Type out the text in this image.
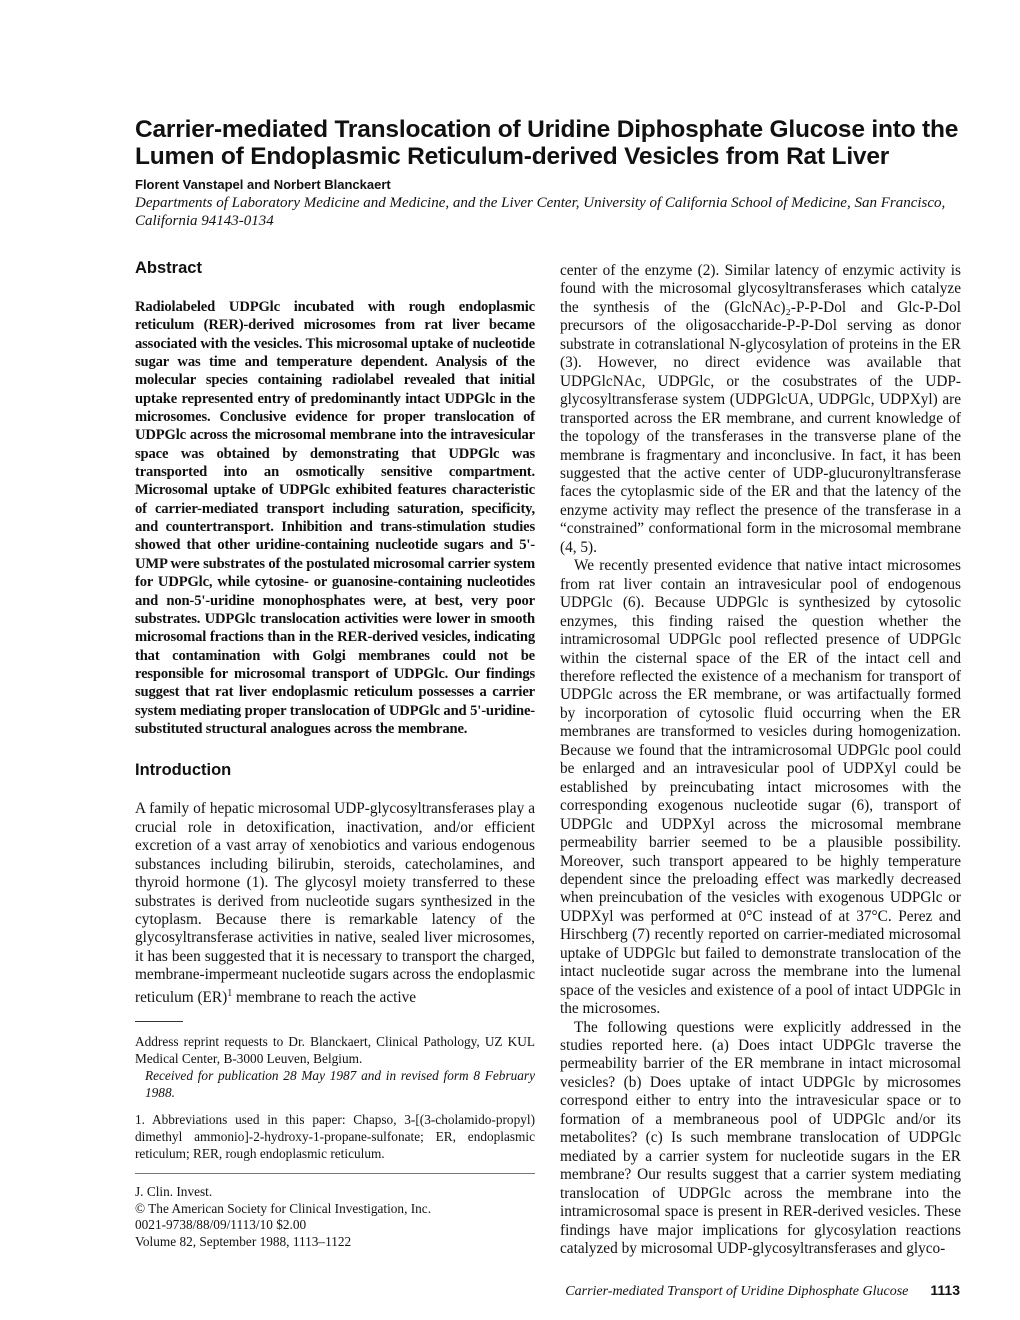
Carrier-mediated Translocation of Uridine Diphosphate Glucose into the Lumen of Endoplasmic Reticulum-derived Vesicles from Rat Liver
Florent Vanstapel and Norbert Blanckaert
Departments of Laboratory Medicine and Medicine, and the Liver Center, University of California School of Medicine, San Francisco, California 94143-0134
Abstract

Radiolabeled UDPGlc incubated with rough endoplasmic reticulum (RER)-derived microsomes from rat liver became associated with the vesicles. This microsomal uptake of nucleotide sugar was time and temperature dependent. Analysis of the molecular species containing radiolabel revealed that initial uptake represented entry of predominantly intact UDPGlc in the microsomes. Conclusive evidence for proper translocation of UDPGlc across the microsomal membrane into the intravesicular space was obtained by demonstrating that UDPGlc was transported into an osmotically sensitive compartment. Microsomal uptake of UDPGlc exhibited features characteristic of carrier-mediated transport including saturation, specificity, and countertransport. Inhibition and trans-stimulation studies showed that other uridine-containing nucleotide sugars and 5'-UMP were substrates of the postulated microsomal carrier system for UDPGlc, while cytosine- or guanosine-containing nucleotides and non-5'-uridine monophosphates were, at best, very poor substrates. UDPGlc translocation activities were lower in smooth microsomal fractions than in the RER-derived vesicles, indicating that contamination with Golgi membranes could not be responsible for microsomal transport of UDPGlc. Our findings suggest that rat liver endoplasmic reticulum possesses a carrier system mediating proper translocation of UDPGlc and 5'-uridine-substituted structural analogues across the membrane.

Introduction

A family of hepatic microsomal UDP-glycosyltransferases play a crucial role in detoxification, inactivation, and/or efficient excretion of a vast array of xenobiotics and various endogenous substances including bilirubin, steroids, catecholamines, and thyroid hormone (1). The glycosyl moiety transferred to these substrates is derived from nucleotide sugars synthesized in the cytoplasm. Because there is remarkable latency of the glycosyltransferase activities in native, sealed liver microsomes, it has been suggested that it is necessary to transport the charged, membrane-impermeant nucleotide sugars across the endoplasmic reticulum (ER)$^1$ membrane to reach the active

Address reprint requests to Dr. Blanckaert, Clinical Pathology, UZ KUL Medical Center, B-3000 Leuven, Belgium.

Received for publication 28 May 1987 and in revised form 8 February 1988.

1. Abbreviations used in this paper: Chapso, 3-[(3-cholamido-propyl) dimethyl ammonio]-2-hydroxy-1-propane-sulfonate; ER, endoplasmic reticulum; RER, rough endoplasmic reticulum.

J. Clin. Invest.

© The American Society for Clinical Investigation, Inc.

0021-9738/88/09/1113/10 $2.00

Volume 82, September 1988, 1113–1122

center of the enzyme (2). Similar latency of enzymic activity is found with the microsomal glycosyltransferases which catalyze the synthesis of the (GlcNAc)₂-P-P-Dol and Glc-P-Dol precursors of the oligosaccharide-P-P-Dol serving as donor substrate in cotranslational N-glycosylation of proteins in the ER (3). However, no direct evidence was available that UDPGlcNAc, UDPGlc, or the cosubstrates of the UDP-glycosyltransferase system (UDPGlcUA, UDPGlc, UDPXyl) are transported across the ER membrane, and current knowledge of the topology of the transferases in the transverse plane of the membrane is fragmentary and inconclusive. In fact, it has been suggested that the active center of UDP-glucuronyltransferase faces the cytoplasmic side of the ER and that the latency of the enzyme activity may reflect the presence of the transferase in a “constrained” conformational form in the microsomal membrane (4, 5).

We recently presented evidence that native intact microsomes from rat liver contain an intravesicular pool of endogenous UDPGlc (6). Because UDPGlc is synthesized by cytosolic enzymes, this finding raised the question whether the intramicrosomal UDPGlc pool reflected presence of UDPGlc within the cisternal space of the ER of the intact cell and therefore reflected the existence of a mechanism for transport of UDPGlc across the ER membrane, or was artifactually formed by incorporation of cytosolic fluid occurring when the ER membranes are transformed to vesicles during homogenization. Because we found that the intramicrosomal UDPGlc pool could be enlarged and an intravesicular pool of UDPXyl could be established by preincubating intact microsomes with the corresponding exogenous nucleotide sugar (6), transport of UDPGlc and UDPXyl across the microsomal membrane permeability barrier seemed to be a plausible possibility. Moreover, such transport appeared to be highly temperature dependent since the preloading effect was markedly decreased when preincubation of the vesicles with exogenous UDPGlc or UDPXyl was performed at 0°C instead of at 37°C. Perez and Hirschberg (7) recently reported on carrier-mediated microsomal uptake of UDPGlc but failed to demonstrate translocation of the intact nucleotide sugar across the membrane into the lumenal space of the vesicles and existence of a pool of intact UDPGlc in the microsomes.

The following questions were explicitly addressed in the studies reported here. (a) Does intact UDPGlc traverse the permeability barrier of the ER membrane in intact microsomal vesicles? (b) Does uptake of intact UDPGlc by microsomes correspond either to entry into the intravesicular space or to formation of a membraneous pool of UDPGlc and/or its metabolites? (c) Is such membrane translocation of UDPGlc mediated by a carrier system for nucleotide sugars in the ER membrane? Our results suggest that a carrier system mediating translocation of UDPGlc across the membrane into the intramicrosomal space is present in RER-derived vesicles. These findings have major implications for glycosylation reactions catalyzed by microsomal UDP-glycosyltransferases and glyco-

Carrier-mediated Transport of Uridine Diphosphate Glucose 1113
